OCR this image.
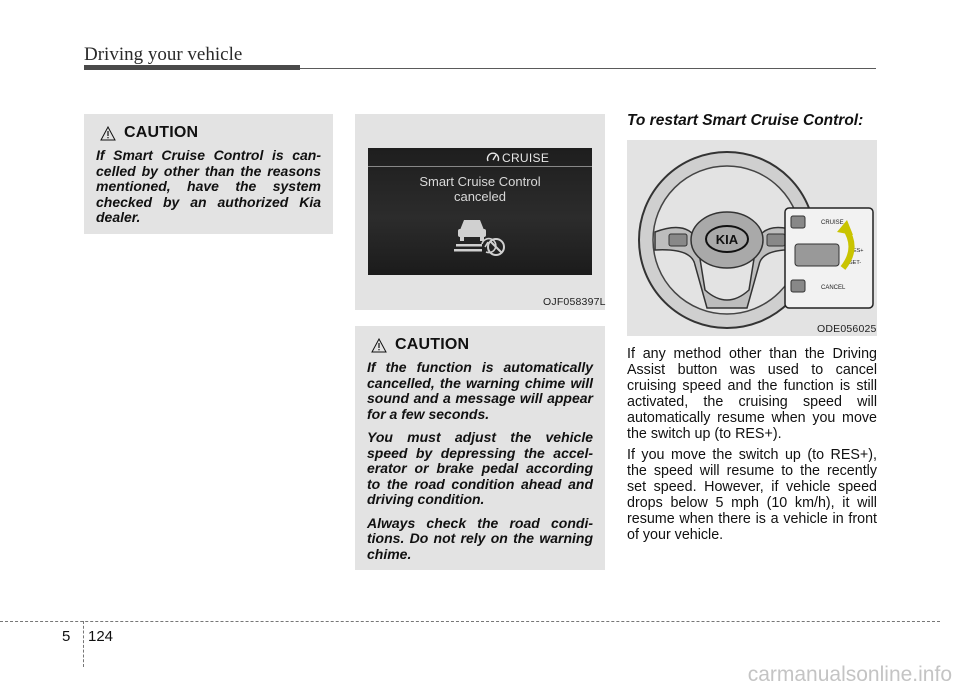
Driving your vehicle
CAUTION

If Smart Cruise Control is can-celled by other than the reasons mentioned, have the system checked by an authorized Kia dealer.

CRUISE
Smart Cruise Control
canceled
OJF058397L
CAUTION

If the function is automatically cancelled, the warning chime will sound and a message will appear for a few seconds.

You must adjust the vehicle speed by depressing the accel-erator or brake pedal according to the road condition ahead and driving condition.

Always check the road condi-tions. Do not rely on the warning chime.

To restart Smart Cruise Control:
KIA
CRUISE
RES+
SET-
CANCEL
ODE056025

If any method other than the Driving Assist button was used to cancel cruising speed and the function is still activated, the cruising speed will automatically resume when you move the switch up (to RES+).

If you move the switch up (to RES+), the speed will resume to the recently set speed. However, if vehicle speed drops below 5 mph (10 km/h), it will resume when there is a vehicle in front of your vehicle.

5 124
carmanualsonline.info
